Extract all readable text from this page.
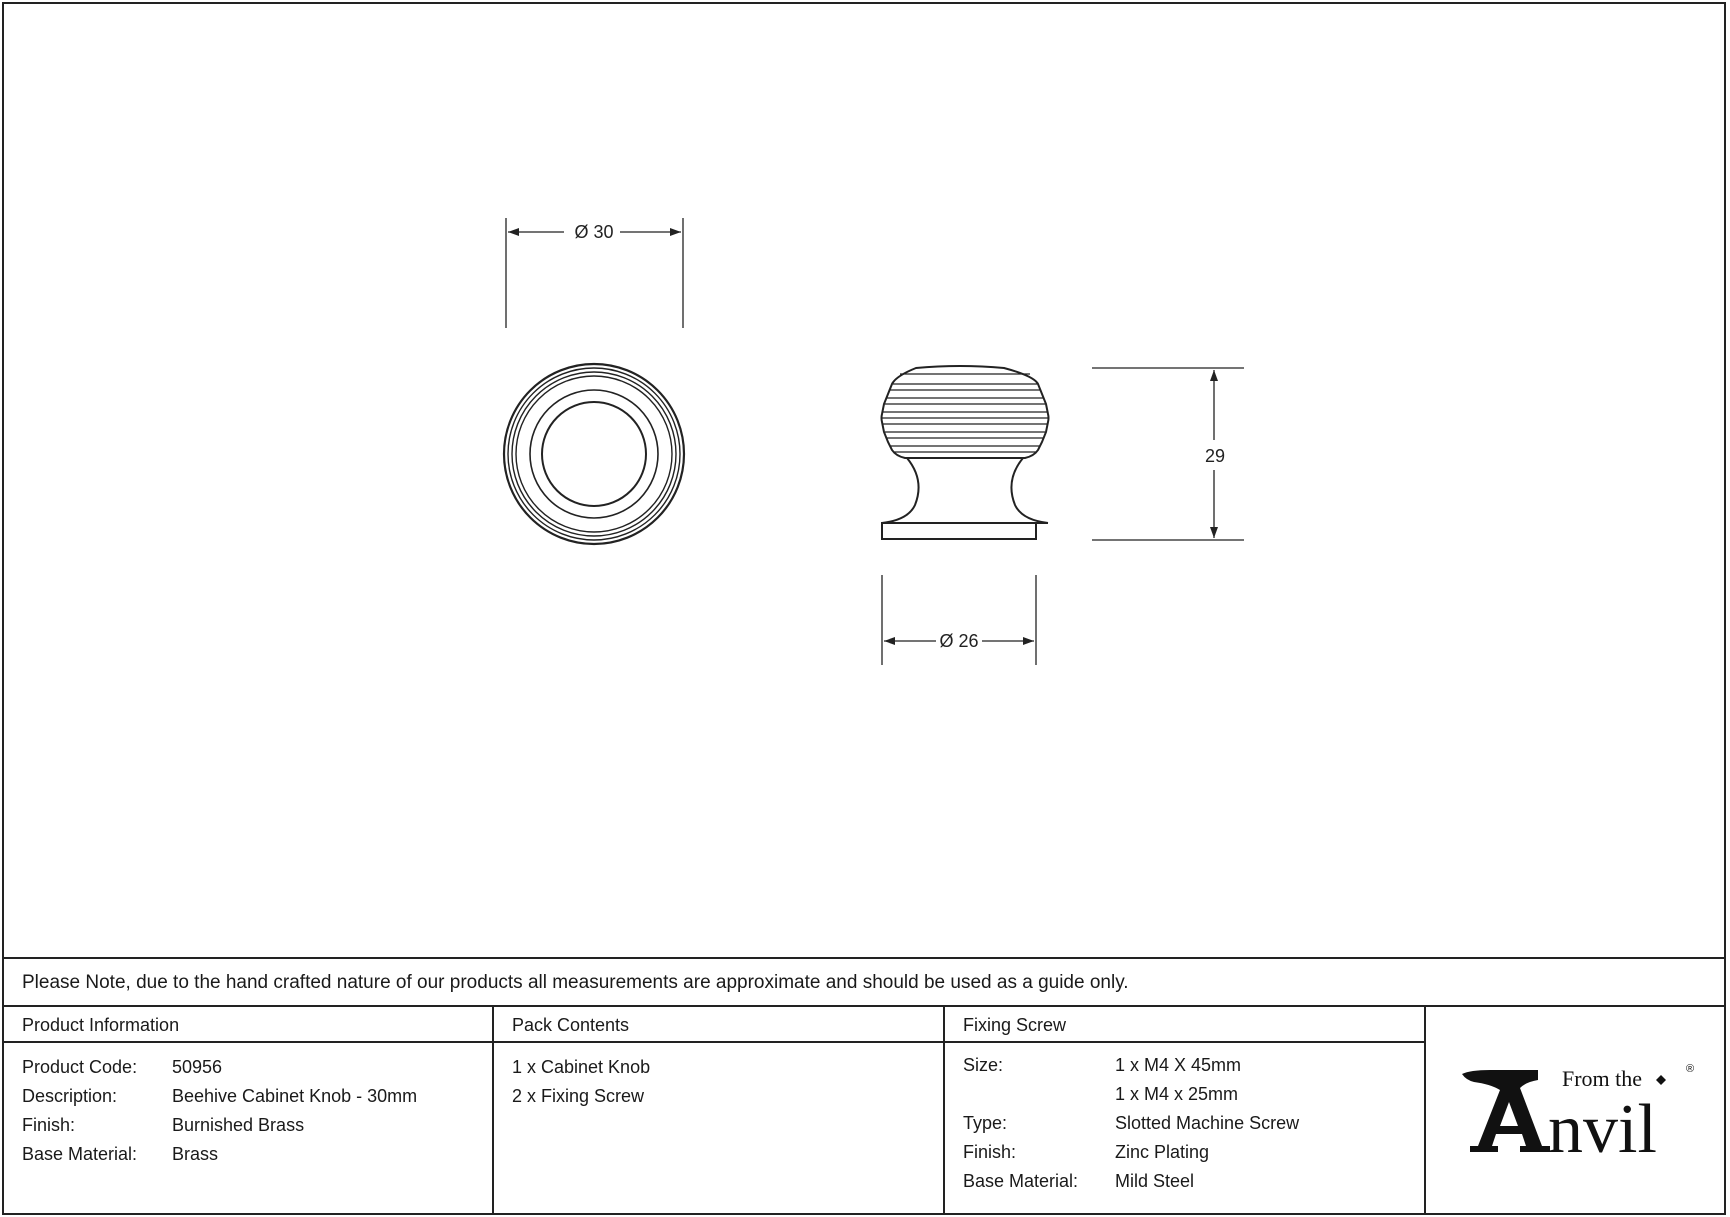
Ø 30
29
Ø 26
Please Note, due to the hand crafted nature of our products all measurements are approximate and should be used as a guide only.
Product Information
Product Code: 50956
Description:	Beehive Cabinet Knob - 30mm
Finish:	Burnished Brass
Base Material: Brass
Pack Contents
1 x Cabinet Knob
2 x Fixing Screw
Fixing Screw
Size:	1 x M4 X 45mm
1 x M4 x 25mm
Type:	Slotted Machine Screw
Finish:	Zinc Plating
Base Material: Mild Steel
From the
nvil
®
